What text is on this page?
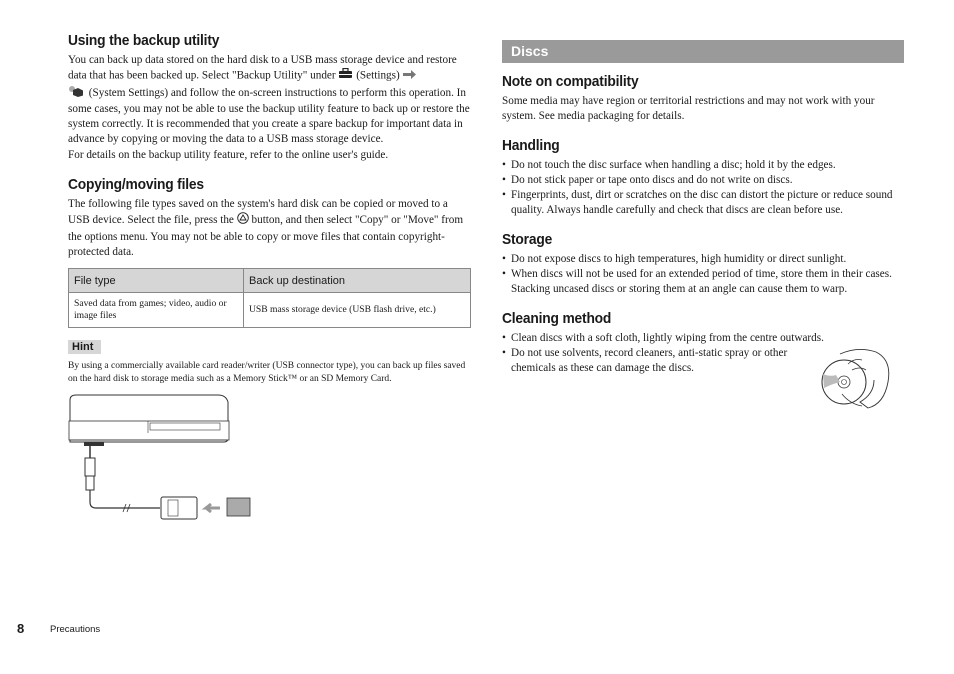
Using the backup utility

You can back up data stored on the hard disk to a USB mass storage device and restore data that has been backed up. Select "Backup Utility" under (Settings)
(System Settings) and follow the on-screen instructions to perform this operation. In some cases, you may not be able to use the backup utility feature to back up or restore the system correctly. It is recommended that you create a spare backup for important data in advance by copying or moving the data to a USB mass storage device.

For details on the backup utility feature, refer to the online user's guide.

Copying/moving files

The following file types saved on the system's hard disk can be copied or moved to a USB device. Select the file, press the button, and then select "Copy" or "Move" from the options menu. You may not be able to copy or move files that contain copyright-protected data.

File type	Back up destination
Saved data from games; video, audio or image files	USB mass storage device (USB flash drive, etc.)
Hint

By using a commercially available card reader/writer (USB connector type), you can back up files saved on the hard disk to storage media such as a Memory Stick™ or an SD Memory Card.

Discs
Note on compatibility

Some media may have region or territorial restrictions and may not work with your system. See media packaging for details.

Handling
• Do not touch the disc surface when handling a disc; hold it by the edges.
• Do not stick paper or tape onto discs and do not write on discs.
• Fingerprints, dust, dirt or scratches on the disc can distort the picture or reduce sound quality. Always handle carefully and check that discs are clean before use.
Storage
• Do not expose discs to high temperatures, high humidity or direct sunlight.
• When discs will not be used for an extended period of time, store them in their cases. Stacking uncased discs or storing them at an angle can cause them to warp.
Cleaning method
• Clean discs with a soft cloth, lightly wiping from the centre outwards.
• Do not use solvents, record cleaners, anti-static spray or other chemicals as these can damage the discs.
8	Precautions
